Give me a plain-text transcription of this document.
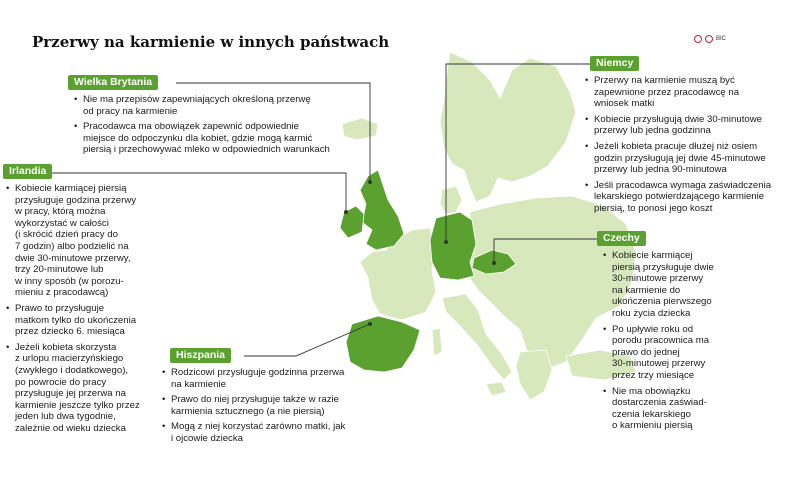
Przerwy na karmienie w innych państwach	BIC
Wielka Brytania
• Nie ma przepisów zapewniających określoną przerwę
od pracy na karmienie
• Pracodawca ma obowiązek zapewnić odpowiednie
miejsce do odpoczynku dla kobiet, gdzie mogą karmić
piersią i przechowywać mleko w odpowiednich warunkach
Irlandia
• Kobiecie karmiącej piersią
przysługuje godzina przerwy
w pracy, którą można
wykorzystać w całości
(i skrócić dzień pracy do
7 godzin) albo podzielić na
dwie 30-minutowe przerwy,
trzy 20-minutowe lub
w inny sposób (w porozu-
mieniu z pracodawcą)
• Prawo to przysługuje
matkom tylko do ukończenia
przez dziecko 6. miesiąca
• Jeżeli kobieta skorzysta
z urlopu macierzyńskiego
(zwykłego i dodatkowego),
po powrocie do pracy
przysługuje jej przerwa na
karmienie jeszcze tylko przez
jeden lub dwa tygodnie,
zależnie od wieku dziecka
Hiszpania
• Rodzicowi przysługuje godzinna przerwa
na karmienie
• Prawo do niej przysługuje także w razie
karmienia sztucznego (a nie piersią)
• Mogą z niej korzystać zarówno matki, jak
i ojcowie dziecka
Niemcy
• Przerwy na karmienie muszą być
zapewnione przez pracodawcę na
wniosek matki
• Kobiecie przysługują dwie 30-minutowe
przerwy lub jedna godzinna
• Jeżeli kobieta pracuje dłużej niż osiem
godzin przysługują jej dwie 45-minutowe
przerwy lub jedna 90-minutowa
• Jeśli pracodawca wymaga zaświadczenia
lekarskiego potwierdzającego karmienie
piersią, to ponosi jego koszt
Czechy
• Kobiecie karmiącej
piersią przysługuje dwie
30-minutowe przerwy
na karmienie do
ukończenia pierwszego
roku życia dziecka
• Po upływie roku od
porodu pracownica ma
prawo do jednej
30-minutowej przerwy
przez trzy miesiące
• Nie ma obowiązku
dostarczenia zaświad-
czenia lekarskiego
o karmieniu piersią
